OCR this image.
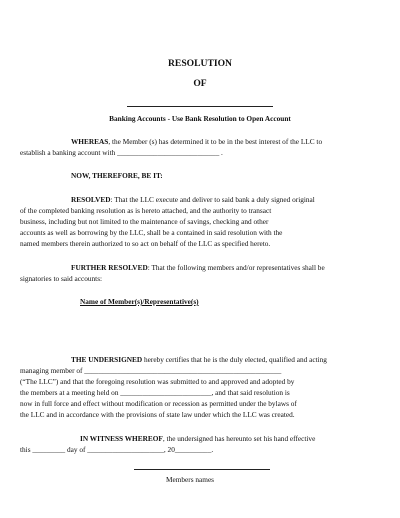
RESOLUTION
OF
Banking Accounts - Use Bank Resolution to Open Account
WHEREAS, the Member (s) has determined it to be in the best interest of the LLC to
establish a banking account with ____________________________ .
NOW, THEREFORE, BE IT:
RESOLVED: That the LLC execute and deliver to said bank a duly signed original
of the completed banking resolution as is hereto attached, and the authority to transact
business, including but not limited to the maintenance of savings, checking and other
accounts as well as borrowing by the LLC, shall be a contained in said resolution with the
named members therein authorized to so act on behalf of the LLC as specified hereto.
FURTHER RESOLVED: That the following members and/or representatives shall be
signatories to said accounts:
Name of Member(s)/Representative(s)
THE UNDERSIGNED hereby certifies that he is the duly elected, qualified and acting
managing member of ______________________________________________________
(“The LLC”) and that the foregoing resolution was submitted to and approved and adopted by
the members at a meeting held on _________________________, and that said resolution is
now in full force and effect without modification or recession as permitted under the bylaws of
the LLC and in accordance with the provisions of state law under which the LLC was created.
IN WITNESS WHEREOF, the undersigned has hereunto set his hand effective
this _________ day of _____________________, 20__________.
Members names
